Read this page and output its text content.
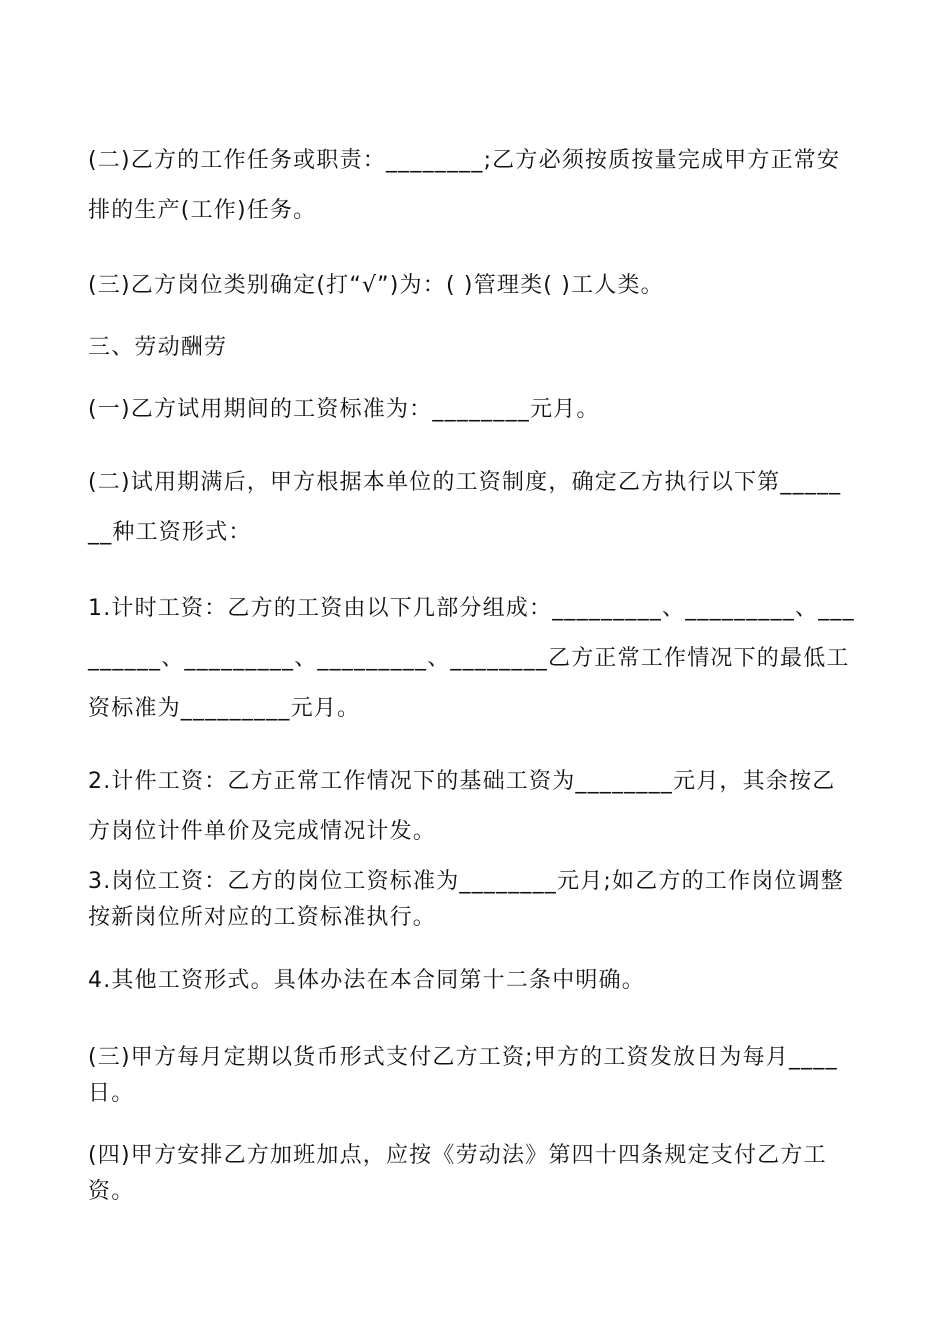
(二)乙方的工作任务或职责：________;乙方必须按质按量完成甲方正常安
排的生产(工作)任务。

(三)乙方岗位类别确定(打“√”)为：( )管理类( )工人类。

三、劳动酬劳

(一)乙方试用期间的工资标准为：________元月。

(二)试用期满后，甲方根据本单位的工资制度，确定乙方执行以下第_____
__种工资形式：

1.计时工资：乙方的工资由以下几部分组成：_________、_________、___
______、_________、_________、________乙方正常工作情况下的最低工
资标准为_________元月。

2.计件工资：乙方正常工作情况下的基础工资为________元月，其余按乙
方岗位计件单价及完成情况计发。

3.岗位工资：乙方的岗位工资标准为________元月;如乙方的工作岗位调整
按新岗位所对应的工资标准执行。

4.其他工资形式。具体办法在本合同第十二条中明确。

(三)甲方每月定期以货币形式支付乙方工资;甲方的工资发放日为每月____
日。

(四)甲方安排乙方加班加点，应按《劳动法》第四十四条规定支付乙方工
资。
